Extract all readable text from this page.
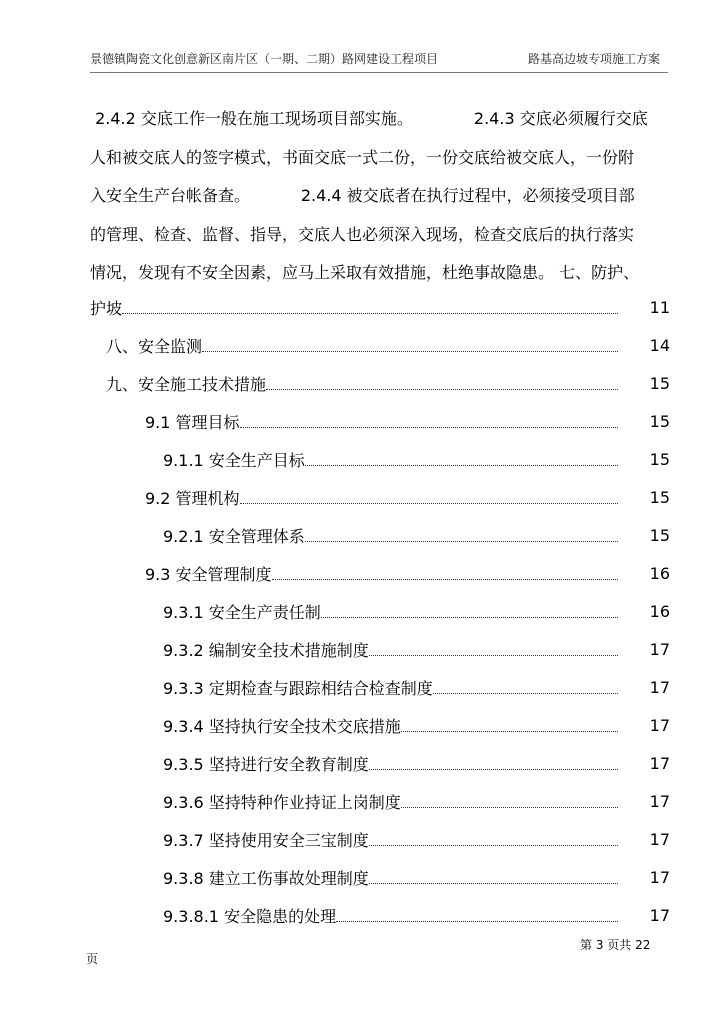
景德镇陶瓷文化创意新区南片区（一期、二期）路网建设工程项目	路基高边坡专项施工方案

2.4.2 交底工作一般在施工现场项目部实施。            2.4.3 交底必须履行交底

人和被交底人的签字模式，书面交底一式二份，一份交底给被交底人，一份附

入安全生产台帐备查。          2.4.4 被交底者在执行过程中，必须接受项目部

的管理、检查、监督、指导，交底人也必须深入现场，检查交底后的执行落实

情况，发现有不安全因素，应马上采取有效措施，杜绝事故隐患。 七、防护、

护坡	11
八、安全监测	14
九、安全施工技术措施	15
9.1 管理目标	15
9.1.1 安全生产目标	15
9.2 管理机构	15
9.2.1 安全管理体系	15
9.3 安全管理制度	16
9.3.1 安全生产责任制	16
9.3.2 编制安全技术措施制度	17
9.3.3 定期检查与跟踪相结合检查制度	17
9.3.4 坚持执行安全技术交底措施	17
9.3.5 坚持进行安全教育制度	17
9.3.6 坚持特种作业持证上岗制度	17
9.3.7 坚持使用安全三宝制度	17
9.3.8 建立工伤事故处理制度	17
9.3.8.1 安全隐患的处理	17
第 3 页共 22
页
